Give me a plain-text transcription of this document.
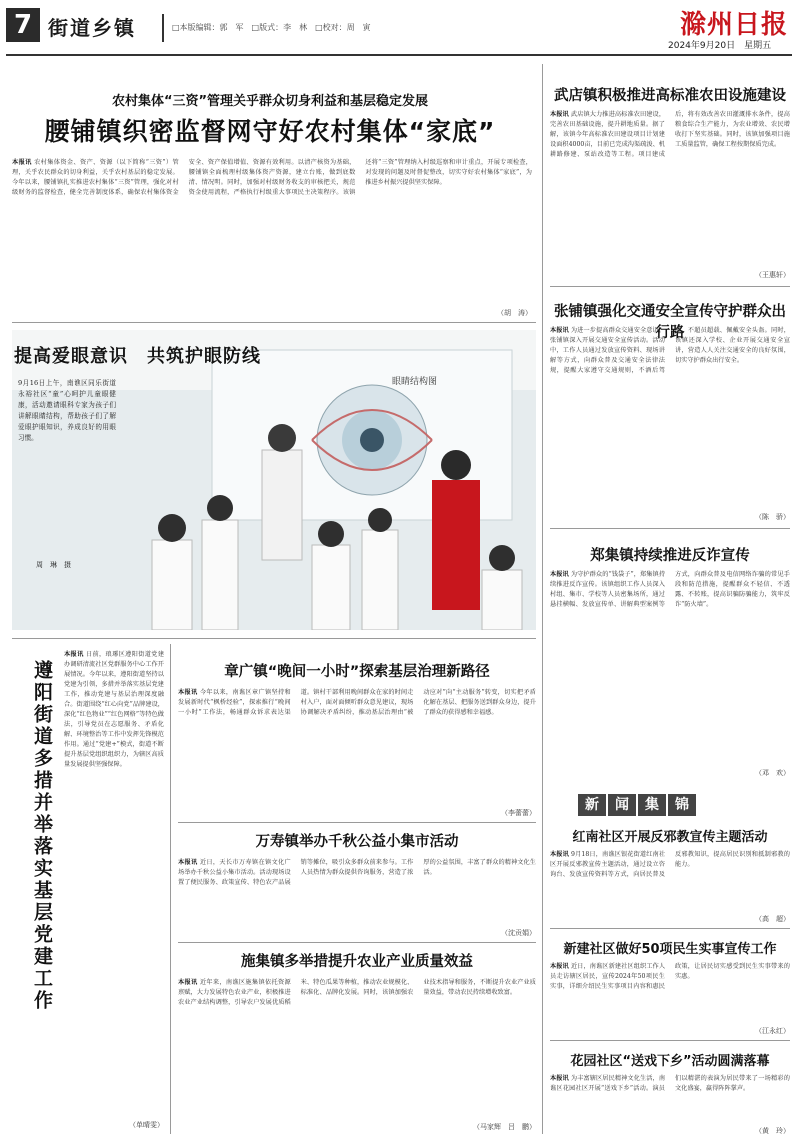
7 街道乡镇	□本版编辑：郭　军　□版式：李　林　□校对：周　寅	滁州日报
2024年9月20日　星期五
农村集体“三资”管理关乎群众切身利益和基层稳定发展
腰铺镇织密监督网守好农村集体“家底”
本报讯 农村集体资金、资产、资源（以下简称“三资”）管理，关乎农民群众的切身利益，关乎农村基层的稳定发展。今年以来，腰铺镇扎实推进农村集体“三资”管理，强化对村级财务的监督检查，健全完善制度体系，确保农村集体资金安全、资产保值增值、资源有效利用。以清产核资为基础，腰铺镇全面梳理村级集体资产资源，建立台账，做到底数清、情况明。同时，加强对村级财务收支的审核把关，规范资金使用流程，严格执行村级重大事项民主决策程序。该镇还将“三资”管理纳入村级巡察和审计重点，开展专项检查，对发现的问题及时督促整改，切实守好农村集体“家底”，为推进乡村振兴提供坚实保障。
（胡　涛）
提高爱眼意识　共筑护眼防线
眼睛结构图
9月16日上午，南谯区同乐街道永裕社区“童”心呵护儿童眼健康，活动邀请眼科专家为孩子们讲解眼睛结构，帮助孩子们了解爱眼护眼知识，养成良好的用眼习惯。
周　琳　摄
遵阳街道多措并举落实基层党建工作
本报讯 日前，琅琊区遵阳街道党建办调研清流社区党群服务中心工作开展情况。今年以来，遵阳街道坚持以党建为引领，多措并举落实基层党建工作，推动党建与基层治理深度融合。街道围绕“红心向党”品牌建设，深化“红色物业”“红色网格”等特色做法，引导党员在志愿服务、矛盾化解、环境整治等工作中发挥先锋模范作用。通过“党建+”模式，街道不断提升基层党组织组织力，为辖区高质量发展提供坚强保障。
（单晴雯）
章广镇“晚间一小时”探索基层治理新路径
本报讯 今年以来，南谯区章广镇坚持和发展新时代“枫桥经验”，探索推行“晚间一小时”工作法，畅通群众诉求表达渠道。镇村干部利用晚间群众在家的时间走村入户，面对面倾听群众意见建议，现场协调解决矛盾纠纷，推动基层治理由“被动应对”向“主动服务”转变，切实把矛盾化解在基层、把服务送到群众身边，提升了群众的获得感和幸福感。
（李蕾蕾）
万寿镇举办千秋公益小集市活动
本报讯 近日，天长市万寿镇在镇文化广场举办千秋公益小集市活动。活动现场设置了便民服务、政策宣传、特色农产品展销等摊位，吸引众多群众前来参与。工作人员热情为群众提供咨询服务，营造了浓厚的公益氛围，丰富了群众的精神文化生活。
（沈贡娟）
施集镇多举措提升农业产业质量效益
本报讯 近年来，南谯区施集镇依托资源禀赋，大力发展特色农业产业，积极推进农业产业结构调整，引导农户发展优质稻米、特色瓜果等种植，推动农业规模化、标准化、品牌化发展。同时，该镇加强农业技术指导和服务，不断提升农业产业质量效益，带动农民持续增收致富。
（马家辉　吕　鹏）
武店镇积极推进高标准农田设施建设
本报讯 武店镇大力推进高标准农田建设，完善农田基础设施，提升耕地质量。据了解，该镇今年高标准农田建设项目计划建设面积4000亩，目前已完成沟渠疏浚、机耕路修建、泵站改造等工程。项目建成后，将有效改善农田灌溉排水条件，提高粮食综合生产能力，为农业增效、农民增收打下坚实基础。同时，该镇加强项目施工质量监管，确保工程按期保质完成。
（王惠轩）
张铺镇强化交通安全宣传守护群众出行路
本报讯 为进一步提高群众交通安全意识，张铺镇深入开展交通安全宣传活动。活动中，工作人员通过发放宣传资料、现场讲解等方式，向群众普及交通安全法律法规，提醒大家遵守交通规则，不酒后驾驶、不超员超载、佩戴安全头盔。同时，该镇还深入学校、企业开展交通安全宣讲，营造人人关注交通安全的良好氛围，切实守护群众出行安全。
（陈　骄）
郑集镇持续推进反诈宣传
本报讯 为守护群众的“钱袋子”，郑集镇持续推进反诈宣传。该镇组织工作人员深入村组、集市、学校等人员密集场所，通过悬挂横幅、发放宣传单、讲解典型案例等方式，向群众普及电信网络诈骗的常见手段和防范措施，提醒群众不轻信、不透露、不转账，提高识骗防骗能力，筑牢反诈“防火墙”。
（邓　欢）
新 闻 集 锦
红南社区开展反邪教宣传主题活动
本报讯 9月18日，南谯区银花街道红南社区开展反邪教宣传主题活动，通过设立咨询台、发放宣传资料等方式，向居民普及反邪教知识，提高居民识别和抵制邪教的能力。
（高　超）
新建社区做好50项民生实事宣传工作
本报讯 近日，南谯区新建社区组织工作人员走访辖区居民，宣传2024年50项民生实事，详细介绍民生实事项目内容和惠民政策，让居民切实感受到民生实事带来的实惠。
（江永红）
花园社区“送戏下乡”活动圆满落幕
本报讯 为丰富辖区居民精神文化生活，南谯区花园社区开展“送戏下乡”活动。演员们以精湛的表演为居民带来了一场精彩的文化盛宴，赢得阵阵掌声。
（黄　玲）
